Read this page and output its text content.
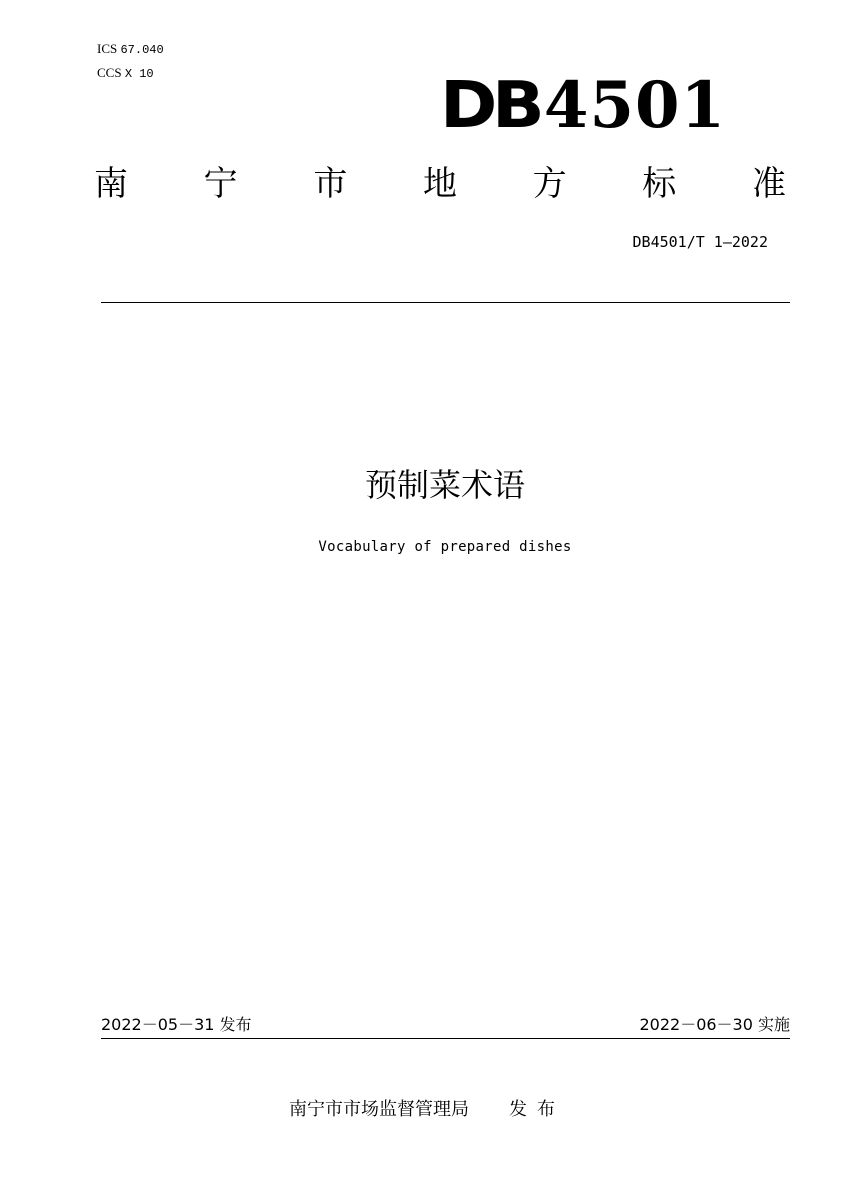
ICS 67.040
CCS X 10	DB 4501
南 宁 市 地 方 标 准
DB4501/T 1—2022
预制菜术语
Vocabulary of prepared dishes
2022－05－31 发布	2022－06－30 实施
南宁市市场监督管理局 发布
